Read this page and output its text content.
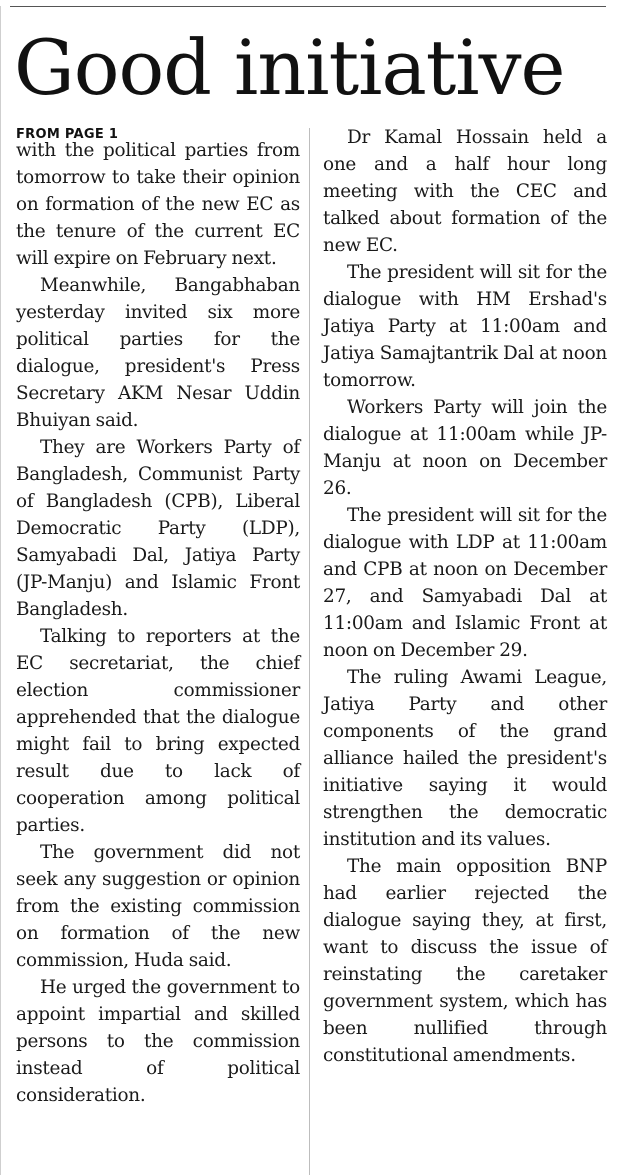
Good initiative
FROM PAGE 1

with the political parties from tomorrow to take their opinion on formation of the new EC as the tenure of the current EC will expire on February next.

Meanwhile, Bangabhaban yesterday invited six more political parties for the dialogue, president's Press Secretary AKM Nesar Uddin Bhuiyan said.

They are Workers Party of Bangladesh, Communist Party of Bangladesh (CPB), Liberal Democratic Party (LDP), Samyabadi Dal, Jatiya Party (JP-Manju) and Islamic Front Bangladesh.

Talking to reporters at the EC secretariat, the chief election commissioner apprehended that the dialogue might fail to bring expected result due to lack of cooperation among political parties.

The government did not seek any suggestion or opinion from the existing commission on formation of the new commission, Huda said.

He urged the government to appoint impartial and skilled persons to the commission instead of political consideration.

Dr Kamal Hossain held a one and a half hour long meeting with the CEC and talked about formation of the new EC.

The president will sit for the dialogue with HM Ershad's Jatiya Party at 11:00am and Jatiya Samajtantrik Dal at noon tomorrow.

Workers Party will join the dialogue at 11:00am while JP-Manju at noon on December 26.

The president will sit for the dialogue with LDP at 11:00am and CPB at noon on December 27, and Samyabadi Dal at 11:00am and Islamic Front at noon on December 29.

The ruling Awami League, Jatiya Party and other components of the grand alliance hailed the president's initiative saying it would strengthen the democratic institution and its values.

The main opposition BNP had earlier rejected the dialogue saying they, at first, want to discuss the issue of reinstating the caretaker government system, which has been nullified through constitutional amendments.
